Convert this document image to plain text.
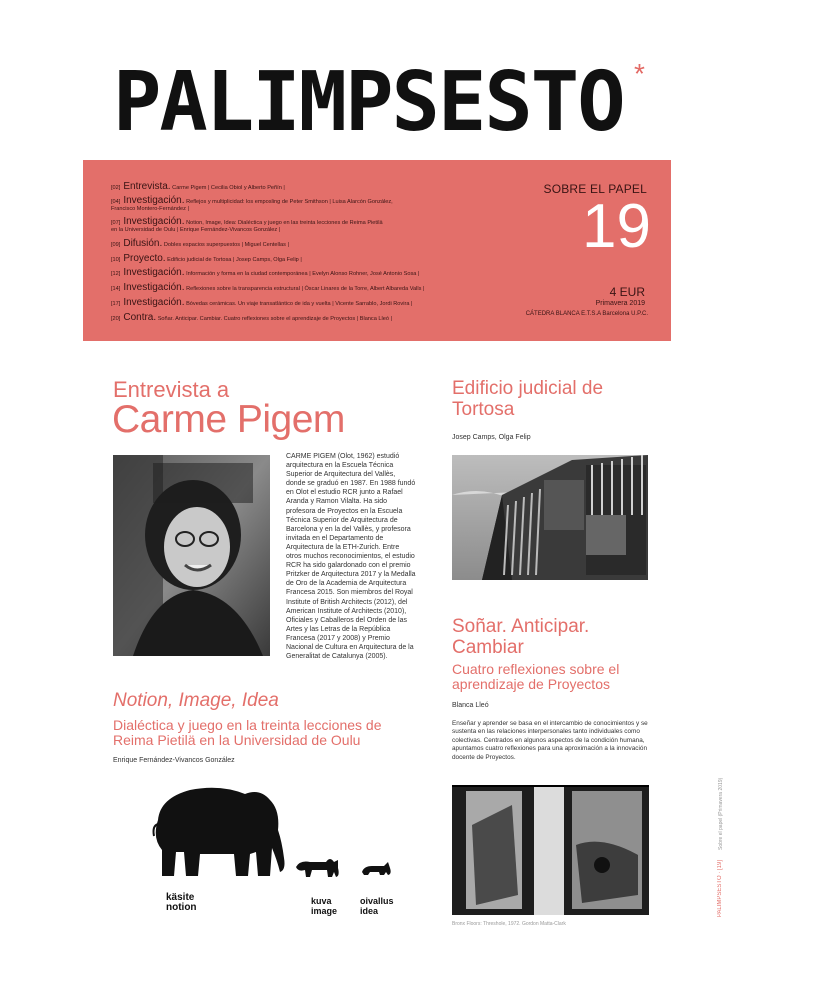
PALIMPSESTO *
[02] Entrevista. Carme Pigem | Cecilia Obiol y Alberto Peñín |
[04] Investigación. Reflejos y multiplicidad: los emposling de Peter Smithson | Luisa Alarcón González,
Francisco Montero-Fernández |
[07] Investigación. Notion, Image, Idea: Dialéctica y juego en las treinta lecciones de Reima Pietilä
en la Universidad de Oulu | Enrique Fernández-Vivancos González |
[09] Difusión. Dobles espacios superpuestos | Miguel Centellas |
[10] Proyecto. Edificio judicial de Tortosa | Josep Camps, Olga Felip |
[12] Investigación. Información y forma en la ciudad contemporánea | Evelyn Alonso Rohner, José Antonio Sosa |
[14] Investigación. Reflexiones sobre la transparencia estructural | Óscar Linares de la Torre, Albert Albareda Valls |
[17] Investigación. Bóvedas cerámicas. Un viaje transatlántico de ida y vuelta | Vicente Sarrablo, Jordi Rovira |
[20] Contra. Soñar. Anticipar. Cambiar. Cuatro reflexiones sobre el aprendizaje de Proyectos | Blanca Lleó |
SOBRE EL PAPEL
19
4 EUR
Primavera 2019
CÁTEDRA BLANCA E.T.S.A Barcelona U.P.C.
Entrevista a
Carme Pigem
CARME PIGEM (Olot, 1962) estudió arquitectura en la Escuela Técnica Superior de Arquitectura del Vallès, donde se graduó en 1987. En 1988 fundó en Olot el estudio RCR junto a Rafael Aranda y Ramon Vilalta. Ha sido profesora de Proyectos en la Escuela Técnica Superior de Arquitectura de Barcelona y en la del Vallès, y profesora invitada en el Departamento de Arquitectura de la ETH-Zurich. Entre otros muchos reconocimientos, el estudio RCR ha sido galardonado con el premio Pritzker de Arquitectura 2017 y la Medalla de Oro de la Academia de Arquitectura Francesa 2015. Son miembros del Royal Institute of British Architects (2012), del American Institute of Architects (2010), Oficiales y Caballeros del Orden de las Artes y las Letras de la República Francesa (2017 y 2008) y Premio Nacional de Cultura en Arquitectura de la Generalitat de Catalunya (2005).
Notion, Image, Idea
Dialéctica y juego en la treinta lecciones de Reima Pietilä en la Universidad de Oulu
Enrique Fernández-Vivancos González
käsite
notion
kuva
image
oivallus
idea
Edificio judicial de Tortosa
Josep Camps, Olga Felip
Soñar. Anticipar. Cambiar
Cuatro reflexiones sobre el aprendizaje de Proyectos
Blanca Lleó
Enseñar y aprender se basa en el intercambio de conocimientos y se sustenta en las relaciones interpersonales tanto individuales como colectivas. Centrados en algunos aspectos de la condición humana, apuntamos cuatro reflexiones para una aproximación a la innovación docente de Proyectos.
Bronx Floors: Threshole, 1972. Gordon Matta-Clark
Sobre el papel (Primavera 2019)
PALIMPSESTO · [19]
